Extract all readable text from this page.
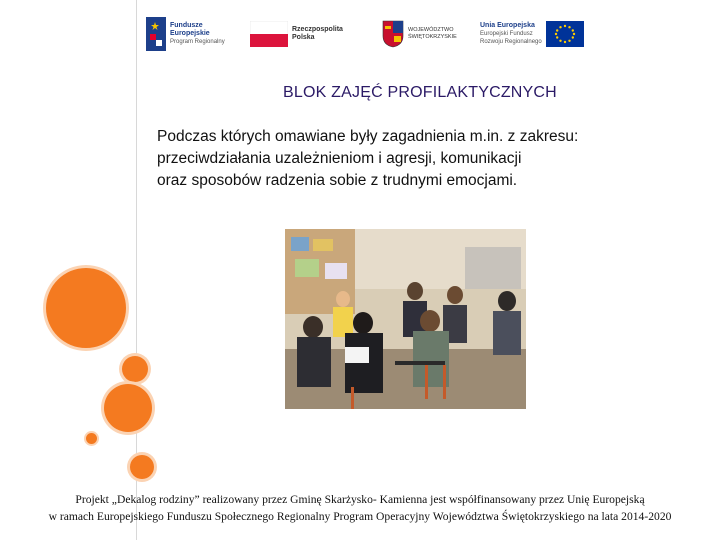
Fundusze
Europejskie
Program Regionalny
Rzeczpospolita
Polska
WOJEWÓDZTWO
ŚWIĘTOKRZYSKIE
Unia Europejska
Europejski Fundusz
Rozwoju Regionalnego
BLOK ZAJĘĆ PROFILAKTYCZNYCH
Podczas których omawiane były zagadnienia m.in. z zakresu:
przeciwdziałania uzależnieniom i agresji, komunikacji
oraz sposobów radzenia sobie z trudnymi emocjami.
Projekt „Dekalog rodziny” realizowany przez Gminę Skarżysko- Kamienna jest współfinansowany przez Unię Europejską
w ramach Europejskiego Funduszu Społecznego Regionalny Program Operacyjny Województwa Świętokrzyskiego na lata 2014-2020
